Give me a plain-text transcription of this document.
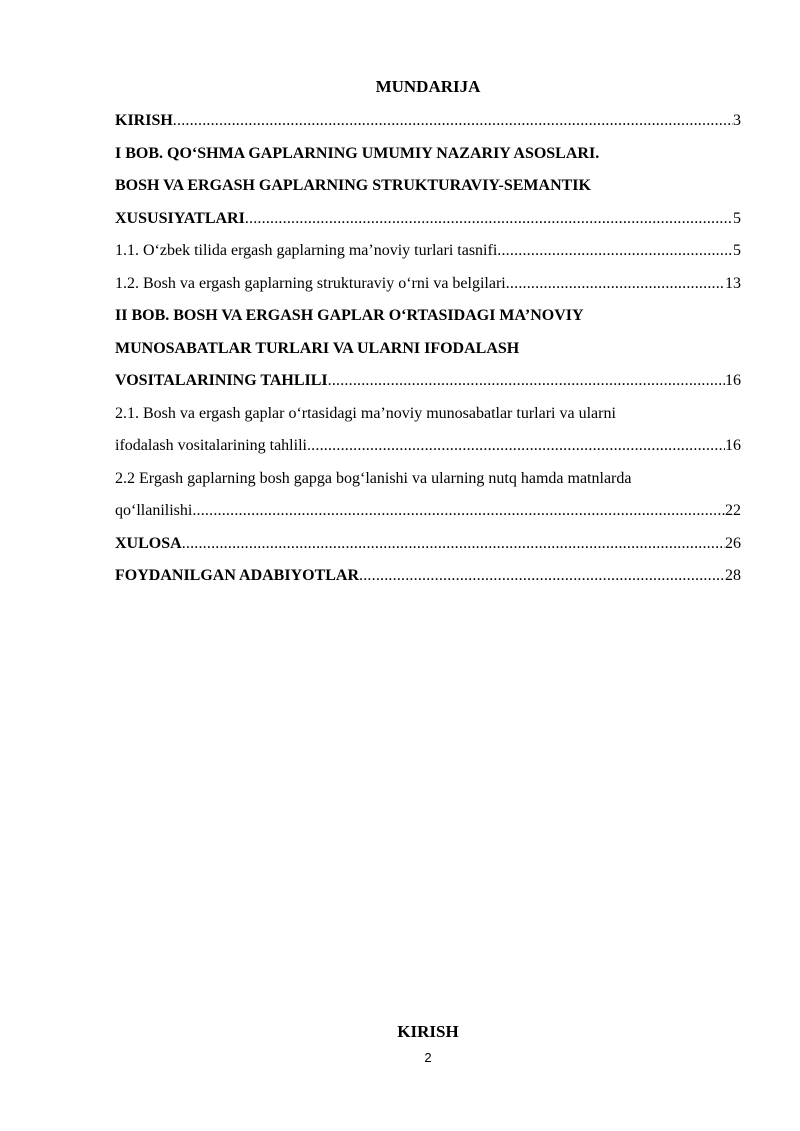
MUNDARIJA
KIRISH .....	3
I BOB. QO‘SHMA GAPLARNING UMUMIY NAZARIY ASOSLARI.
BOSH VA ERGASH GAPLARNING STRUKTURAVIY-SEMANTIK
XUSUSIYATLARI .....	5
1.1. O‘zbek tilida ergash gaplarning ma’noviy turlari tasnifi .....	5
1.2. Bosh va ergash gaplarning strukturaviy o‘rni va belgilari .....	13
II BOB. BOSH VA ERGASH GAPLAR O‘RTASIDAGI MA’NOVIY
MUNOSABATLAR TURLARI VA ULARNI IFODALASH
VOSITALARINING TAHLILI .....	16
2.1. Bosh va ergash gaplar o‘rtasidagi ma’noviy munosabatlar turlari va ularni
ifodalash vositalarining tahlili .....	16
2.2 Ergash gaplarning bosh gapga bog‘lanishi va ularning nutq hamda matnlarda
qo‘llanilishi .....	22
XULOSA .....	26
FOYDANILGAN ADABIYOTLAR .....	28
KIRISH
2
